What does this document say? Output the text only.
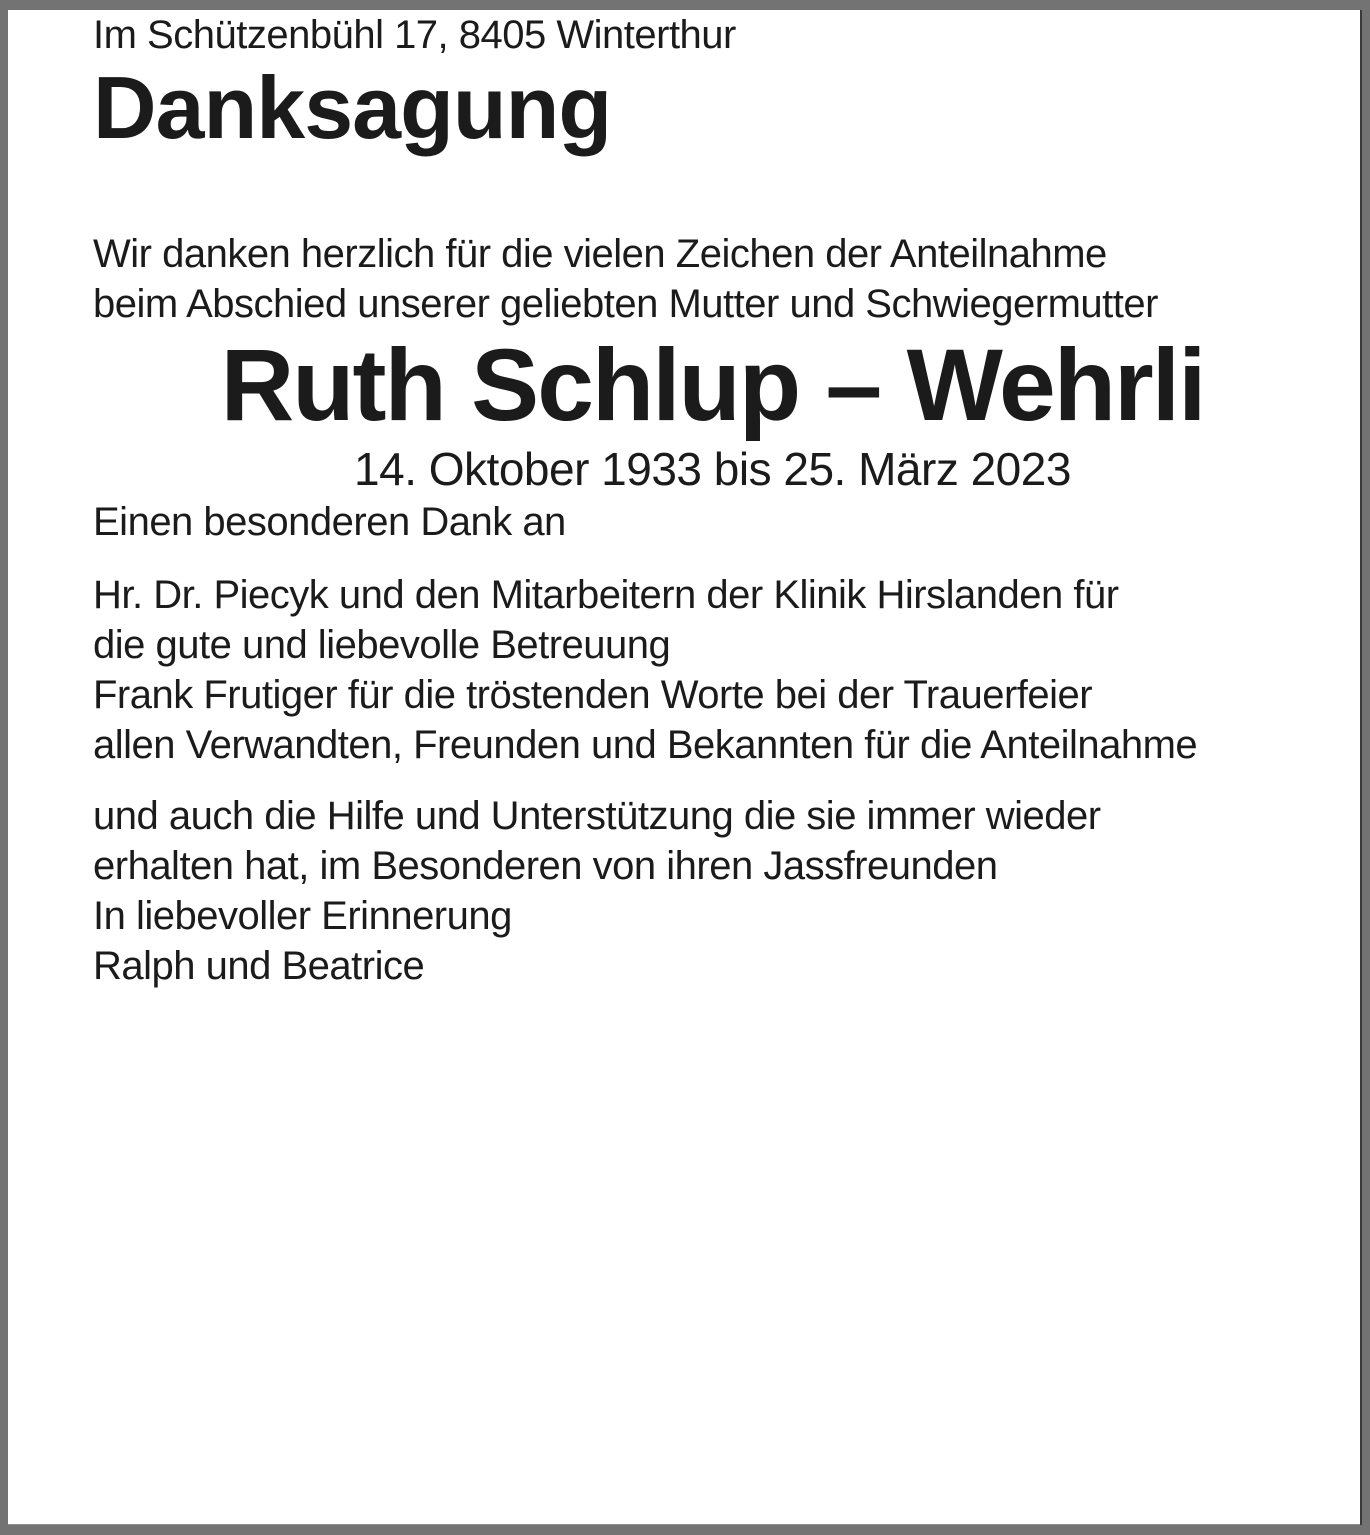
Im Schützenbühl 17, 8405 Winterthur

Danksagung

Wir danken herzlich für die vielen Zeichen der Anteilnahme
beim Abschied unserer geliebten Mutter und Schwiegermutter

Ruth Schlup – Wehrli

14. Oktober 1933 bis 25. März 2023

Einen besonderen Dank an

Hr. Dr. Piecyk und den Mitarbeitern der Klinik Hirslanden für
die gute und liebevolle Betreuung

Frank Frutiger für die tröstenden Worte bei der Trauerfeier

allen Verwandten, Freunden und Bekannten für die Anteilnahme

und auch die Hilfe und Unterstützung die sie immer wieder
erhalten hat, im Besonderen von ihren Jassfreunden

In liebevoller Erinnerung

Ralph und Beatrice
